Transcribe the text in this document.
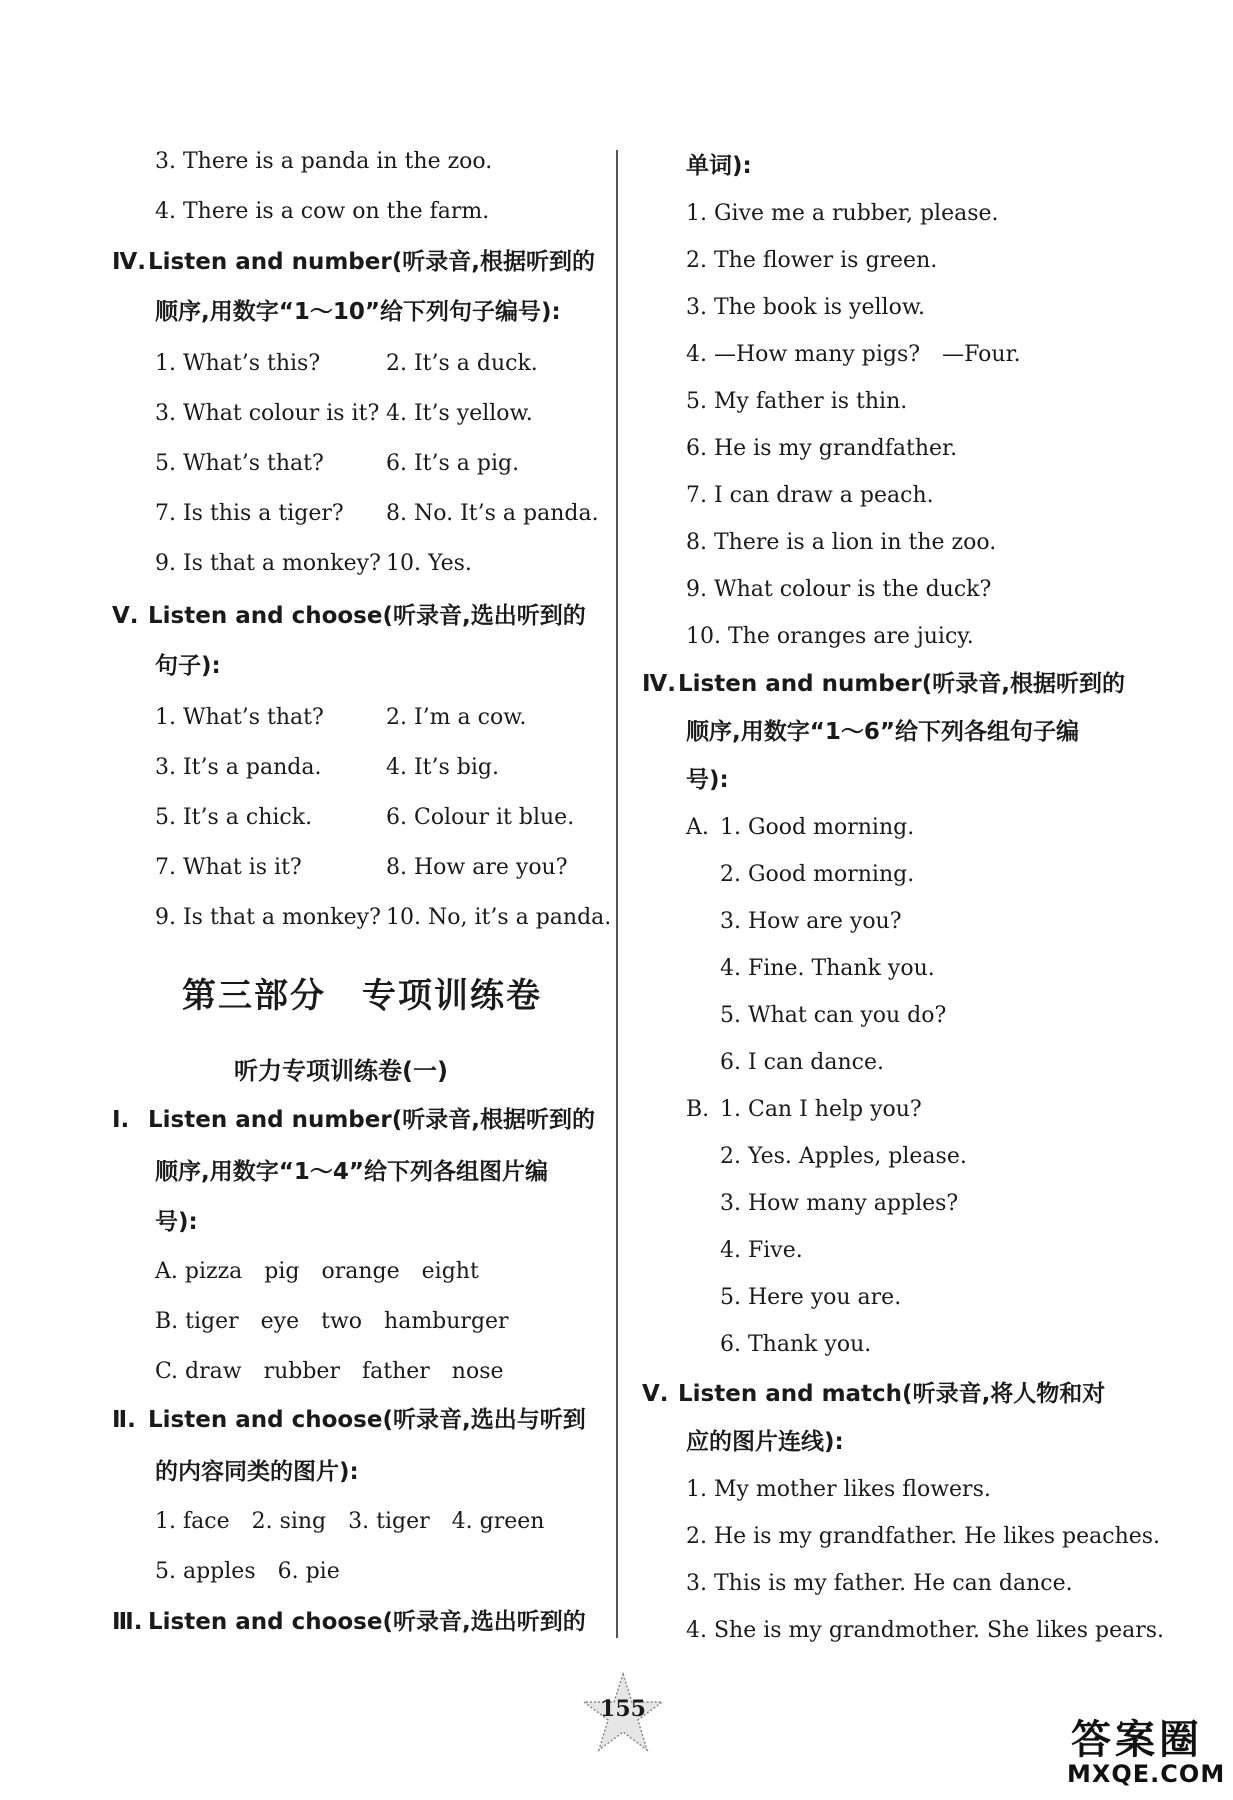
3. There is a panda in the zoo.
4. There is a cow on the farm.
Ⅳ.Listen and number(听录音,根据听到的
顺序,用数字“1～10”给下列句子编号):
1. What’s this?	2. It’s a duck.
3. What colour is it? 4. It’s yellow.
5. What’s that?	6. It’s a pig.
7. Is this a tiger? 8. No. It’s a panda.
9. Is that a monkey? 10. Yes.
Ⅴ. Listen and choose(听录音,选出听到的
句子):
1. What’s that?	2. I’m a cow.
3. It’s a panda.	4. It’s big.
5. It’s a chick.	6. Colour it blue.
7. What is it?	8. How are you?
9. Is that a monkey? 10. No, it’s a panda.
第三部分　专项训练卷
听力专项训练卷(一)
Ⅰ. Listen and number(听录音,根据听到的
顺序,用数字“1～4”给下列各组图片编
号):
A. pizza　pig　orange　eight
B. tiger　eye　two　hamburger
C. draw　rubber　father　nose
Ⅱ. Listen and choose(听录音,选出与听到
的内容同类的图片):
1. face　2. sing　3. tiger　4. green
5. apples　6. pie
Ⅲ. Listen and choose(听录音,选出听到的
单词):
1. Give me a rubber, please.
2. The flower is green.
3. The book is yellow.
4. —How many pigs?　—Four.
5. My father is thin.
6. He is my grandfather.
7. I can draw a peach.
8. There is a lion in the zoo.
9. What colour is the duck?
10. The oranges are juicy.
Ⅳ.Listen and number(听录音,根据听到的
顺序,用数字“1～6”给下列各组句子编
号):
A. 1. Good morning.
2. Good morning.
3. How are you?
4. Fine. Thank you.
5. What can you do?
6. I can dance.
B. 1. Can I help you?
2. Yes. Apples, please.
3. How many apples?
4. Five.
5. Here you are.
6. Thank you.
Ⅴ. Listen and match(听录音,将人物和对
应的图片连线):
1. My mother likes flowers.
2. He is my grandfather. He likes peaches.
3. This is my father. He can dance.
4. She is my grandmother. She likes pears.
155
答案圈
MXQE.COM
